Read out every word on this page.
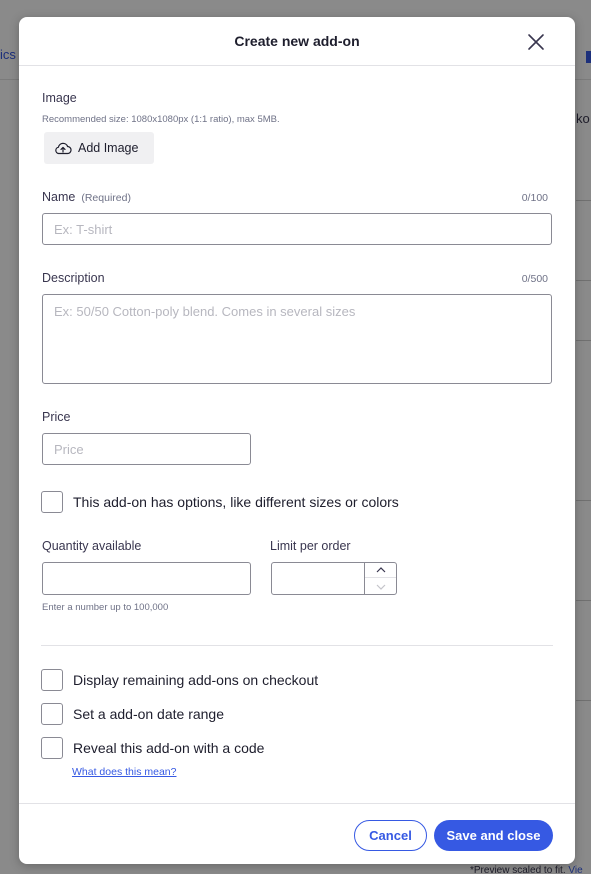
ics
ko
*Preview scaled to fit. Vie
Create new add-on
Image
Recommended size: 1080x1080px (1:1 ratio), max 5MB.
Add Image
Name (Required)	0/100
Ex: T-shirt
Description	0/500
Ex: 50/50 Cotton-poly blend. Comes in several sizes
Price
Price
This add-on has options, like different sizes or colors
Quantity available
Enter a number up to 100,000
Limit per order
Display remaining add-ons on checkout
Set a add-on date range
Reveal this add-on with a code
What does this mean?
Cancel	Save and close
